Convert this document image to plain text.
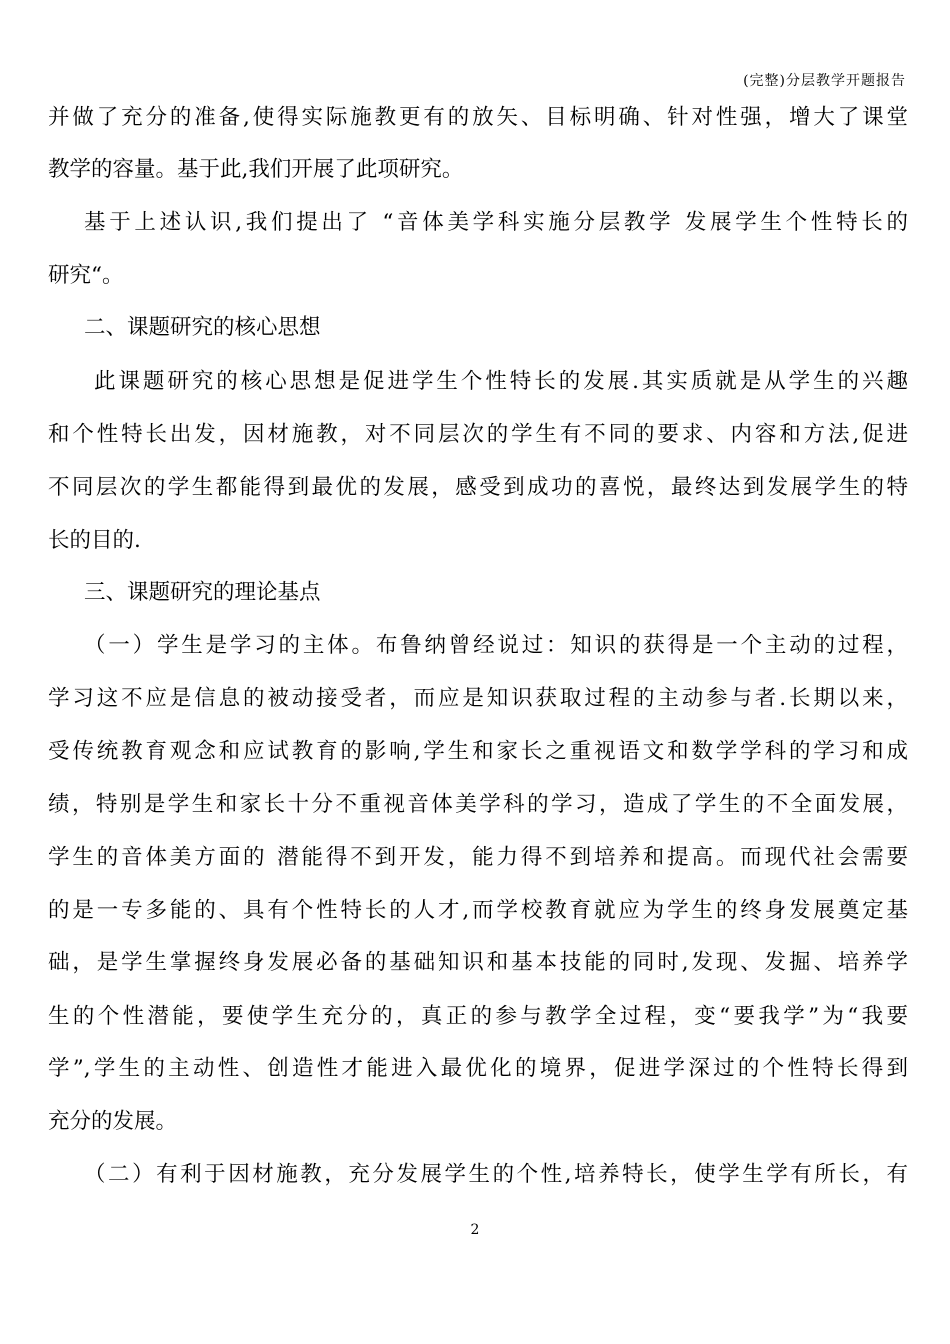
(完整)分层教学开题报告
并做了充分的准备,使得实际施教更有的放矢、目标明确、针对性强，增大了课堂
教学的容量。基于此,我们开展了此项研究。
基于上述认识,我们提出了 “音体美学科实施分层教学 发展学生个性特长的
研究“。
二、课题研究的核心思想
此课题研究的核心思想是促进学生个性特长的发展.其实质就是从学生的兴趣
和个性特长出发，因材施教，对不同层次的学生有不同的要求、内容和方法,促进
不同层次的学生都能得到最优的发展，感受到成功的喜悦，最终达到发展学生的特
长的目的.
三、课题研究的理论基点
（一）学生是学习的主体。布鲁纳曾经说过：知识的获得是一个主动的过程，
学习这不应是信息的被动接受者，而应是知识获取过程的主动参与者.长期以来，
受传统教育观念和应试教育的影响,学生和家长之重视语文和数学学科的学习和成
绩，特别是学生和家长十分不重视音体美学科的学习，造成了学生的不全面发展，
学生的音体美方面的 潜能得不到开发，能力得不到培养和提高。而现代社会需要
的是一专多能的、具有个性特长的人才,而学校教育就应为学生的终身发展奠定基
础，是学生掌握终身发展必备的基础知识和基本技能的同时,发现、发掘、培养学
生的个性潜能，要使学生充分的，真正的参与教学全过程，变“要我学”为“我要
学”,学生的主动性、创造性才能进入最优化的境界，促进学深过的个性特长得到
充分的发展。
（二）有利于因材施教，充分发展学生的个性,培养特长，使学生学有所长，有
2
